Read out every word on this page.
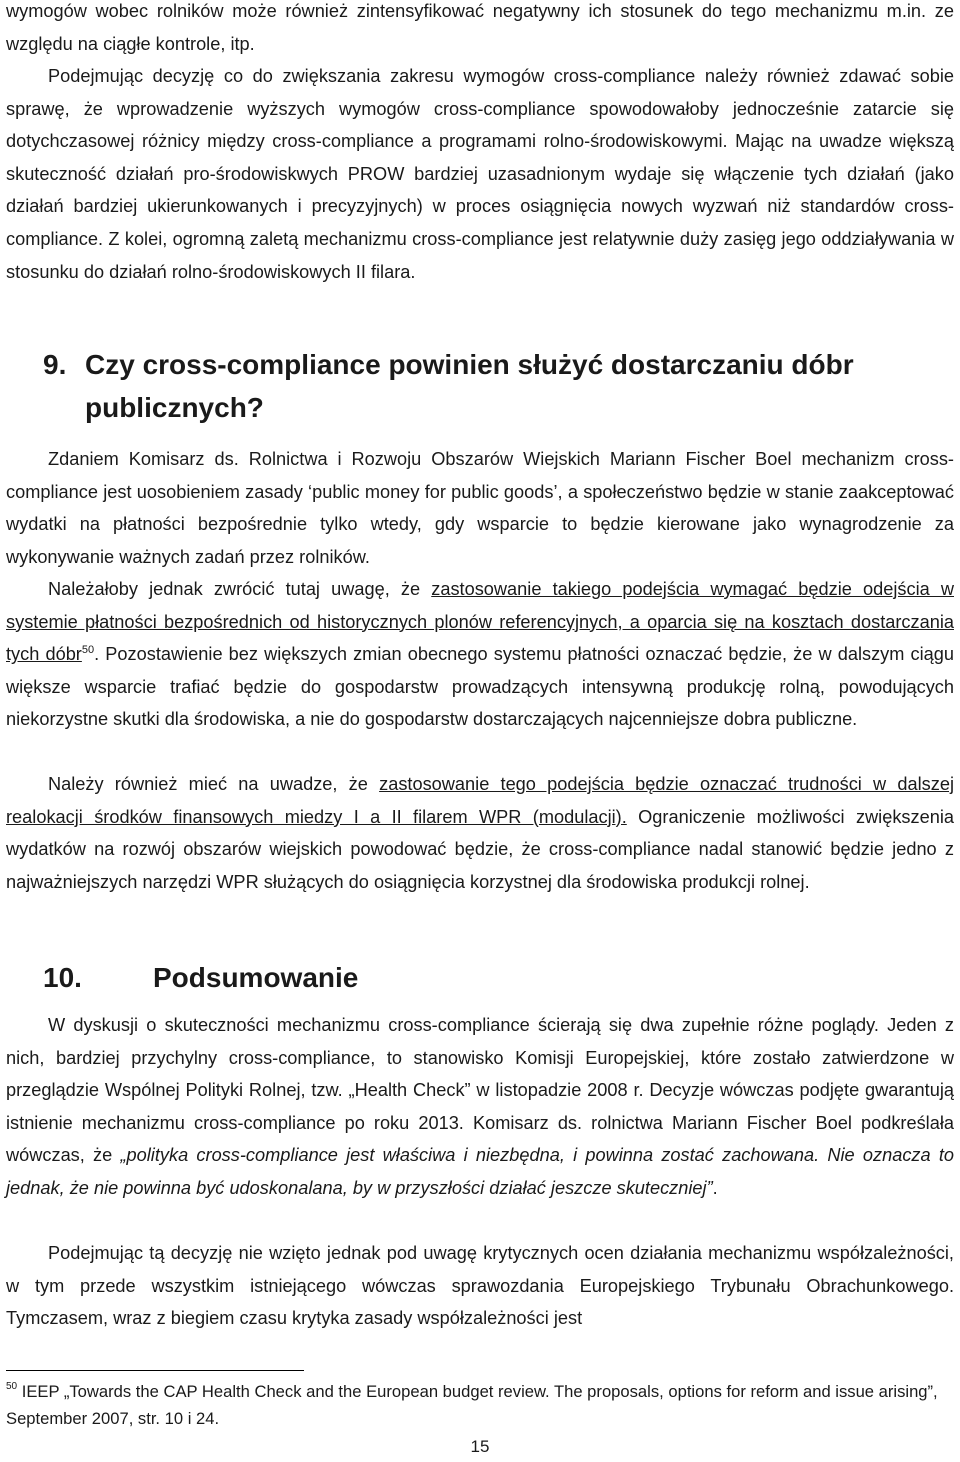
wymogów wobec rolników może również zintensyfikować negatywny ich stosunek do tego mechanizmu m.in. ze względu na ciągłe kontrole, itp.

Podejmując decyzję co do zwiększania zakresu wymogów cross-compliance należy również zdawać sobie sprawę, że wprowadzenie wyższych wymogów cross-compliance spowodowałoby jednocześnie zatarcie się dotychczasowej różnicy między cross-compliance a programami rolno-środowiskowymi. Mając na uwadze większą skuteczność działań pro-środowiskwych PROW bardziej uzasadnionym wydaje się włączenie tych działań (jako działań bardziej ukierunkowanych i precyzyjnych) w proces osiągnięcia nowych wyzwań niż standardów cross-compliance. Z kolei, ogromną zaletą mechanizmu cross-compliance jest relatywnie duży zasięg jego oddziaływania w stosunku do działań rolno-środowiskowych II filara.

9. Czy cross-compliance powinien służyć dostarczaniu dóbr
publicznych?

Zdaniem Komisarz ds. Rolnictwa i Rozwoju Obszarów Wiejskich Mariann Fischer Boel mechanizm cross-compliance jest uosobieniem zasady ‘public money for public goods’, a społeczeństwo będzie w stanie zaakceptować wydatki na płatności bezpośrednie tylko wtedy, gdy wsparcie to będzie kierowane jako wynagrodzenie za wykonywanie ważnych zadań przez rolników.

Należałoby jednak zwrócić tutaj uwagę, że zastosowanie takiego podejścia wymagać będzie odejścia w systemie płatności bezpośrednich od historycznych plonów referencyjnych, a oparcia się na kosztach dostarczania tych dóbr$^{50}$. Pozostawienie bez większych zmian obecnego systemu płatności oznaczać będzie, że w dalszym ciągu większe wsparcie trafiać będzie do gospodarstw prowadzących intensywną produkcję rolną, powodujących niekorzystne skutki dla środowiska, a nie do gospodarstw dostarczających najcenniejsze dobra publiczne.

Należy również mieć na uwadze, że zastosowanie tego podejścia będzie oznaczać trudności w dalszej realokacji środków finansowych miedzy I a II filarem WPR (modulacji). Ograniczenie możliwości zwiększenia wydatków na rozwój obszarów wiejskich powodować będzie, że cross-compliance nadal stanowić będzie jedno z najważniejszych narzędzi WPR służących do osiągnięcia korzystnej dla środowiska produkcji rolnej.

10.	Podsumowanie

W dyskusji o skuteczności mechanizmu cross-compliance ścierają się dwa zupełnie różne poglądy. Jeden z nich, bardziej przychylny cross-compliance, to stanowisko Komisji Europejskiej, które zostało zatwierdzone w przeglądzie Wspólnej Polityki Rolnej, tzw. „Health Check” w listopadzie 2008 r. Decyzje wówczas podjęte gwarantują istnienie mechanizmu cross-compliance po roku 2013. Komisarz ds. rolnictwa Mariann Fischer Boel podkreślała wówczas, że „polityka cross-compliance jest właściwa i niezbędna, i powinna zostać zachowana. Nie oznacza to jednak, że nie powinna być udoskonalana, by w przyszłości działać jeszcze skuteczniej”.

Podejmując tą decyzję nie wzięto jednak pod uwagę krytycznych ocen działania mechanizmu współzależności, w tym przede wszystkim istniejącego wówczas sprawozdania Europejskiego Trybunału Obrachunkowego. Tymczasem, wraz z biegiem czasu krytyka zasady współzależności jest

$^{50}$ IEEP „Towards the CAP Health Check and the European budget review. The proposals, options for reform and issue arising”, September 2007, str. 10 i 24.

15
